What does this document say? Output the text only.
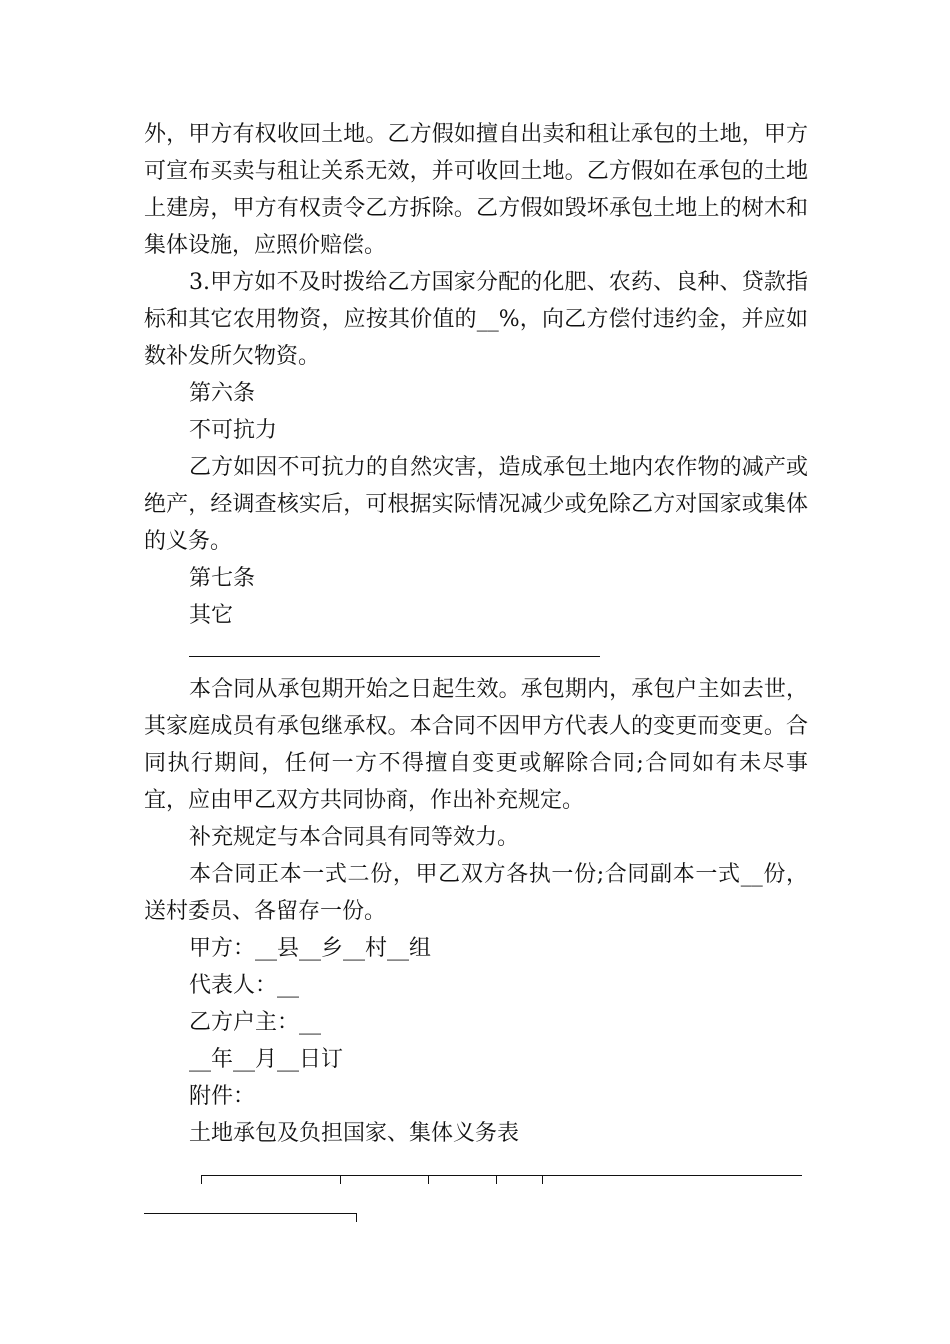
外，甲方有权收回土地。乙方假如擅自出卖和租让承包的土地，甲方可宣布买卖与租让关系无效，并可收回土地。乙方假如在承包的土地上建房，甲方有权责令乙方拆除。乙方假如毁坏承包土地上的树木和集体设施，应照价赔偿。

3.甲方如不及时拨给乙方国家分配的化肥、农药、良种、贷款指标和其它农用物资，应按其价值的__%，向乙方偿付违约金，并应如数补发所欠物资。

第六条

不可抗力

乙方如因不可抗力的自然灾害，造成承包土地内农作物的减产或绝产，经调查核实后，可根据实际情况减少或免除乙方对国家或集体的义务。

第七条

其它

本合同从承包期开始之日起生效。承包期内，承包户主如去世，其家庭成员有承包继承权。本合同不因甲方代表人的变更而变更。合同执行期间，任何一方不得擅自变更或解除合同;合同如有未尽事宜，应由甲乙双方共同协商，作出补充规定。

补充规定与本合同具有同等效力。

本合同正本一式二份，甲乙双方各执一份;合同副本一式__份，送村委员、各留存一份。

甲方：__县__乡__村__组

代表人：__

乙方户主：__

__年__月__日订

附件：

土地承包及负担国家、集体义务表
